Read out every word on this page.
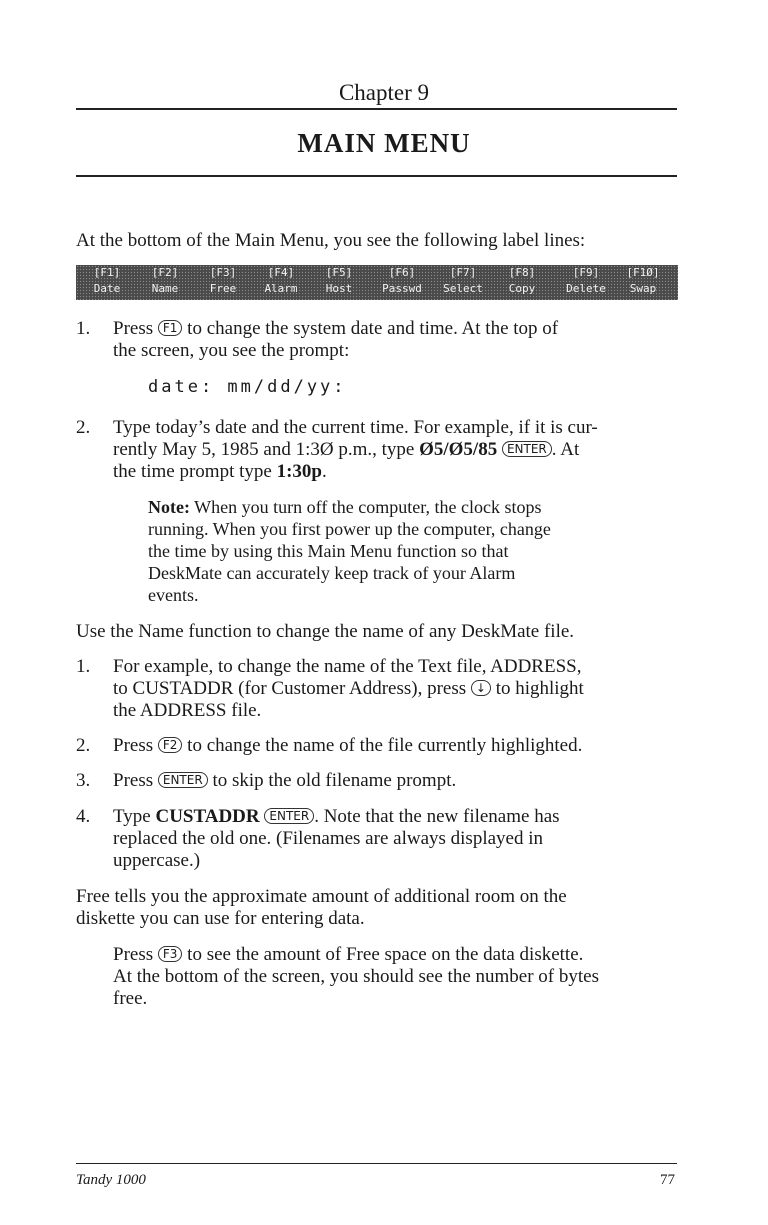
Chapter 9
MAIN MENU
At the bottom of the Main Menu, you see the following label lines:
[F1]
Date
[F2]
Name
[F3]
Free
[F4]
Alarm
[F5]
Host
[F6]
Passwd
[F7]
Select
[F8]
Copy
[F9]
Delete
[F1Ø]
Swap
1. Press F1 to change the system date and time. At the top of
the screen, you see the prompt:
date: mm/dd/yy:
2. Type today’s date and the current time. For example, if it is cur-
rently May 5, 1985 and 1:3Ø p.m., type Ø5/Ø5/85 ENTER . At
the time prompt type 1:30p.
Note: When you turn off the computer, the clock stops
running. When you first power up the computer, change
the time by using this Main Menu function so that
DeskMate can accurately keep track of your Alarm
events.
Use the Name function to change the name of any DeskMate file.
1. For example, to change the name of the Text file, ADDRESS,
to CUSTADDR (for Customer Address), press ↓ to highlight
the ADDRESS file.
2. Press F2 to change the name of the file currently highlighted.
3. Press ENTER to skip the old filename prompt.
4. Type CUSTADDR ENTER . Note that the new filename has
replaced the old one. (Filenames are always displayed in
uppercase.)
Free tells you the approximate amount of additional room on the
diskette you can use for entering data.
Press F3 to see the amount of Free space on the data diskette.
At the bottom of the screen, you should see the number of bytes
free.
Tandy 1000	77
